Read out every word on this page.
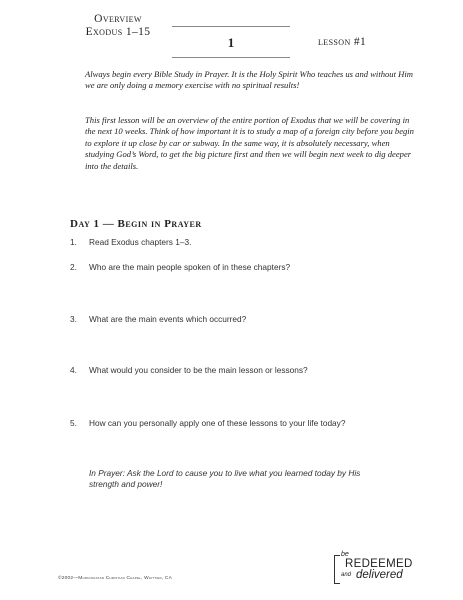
Overview
Exodus 1–15
1	lesson #1
Always begin every Bible Study in Prayer. It is the Holy Spirit Who teaches us and without Him we are only doing a memory exercise with no spiritual results!
This first lesson will be an overview of the entire portion of Exodus that we will be covering in the next 10 weeks. Think of how important it is to study a map of a foreign city before you begin to explore it up close by car or subway. In the same way, it is absolutely necessary, when studying God’s Word, to get the big picture first and then we will begin next week to dig deeper into the details.
Day 1 — Begin in Prayer
1. Read Exodus chapters 1–3.
2. Who are the main people spoken of in these chapters?
3. What are the main events which occurred?
4. What would you consider to be the main lesson or lessons?
5. How can you personally apply one of these lessons to your life today?
In Prayer: Ask the Lord to cause you to live what you learned today by His strength and power!
be
REDEEMED
and delivered
©2002—Morningstar Christian Chapel, Whittier, CA
